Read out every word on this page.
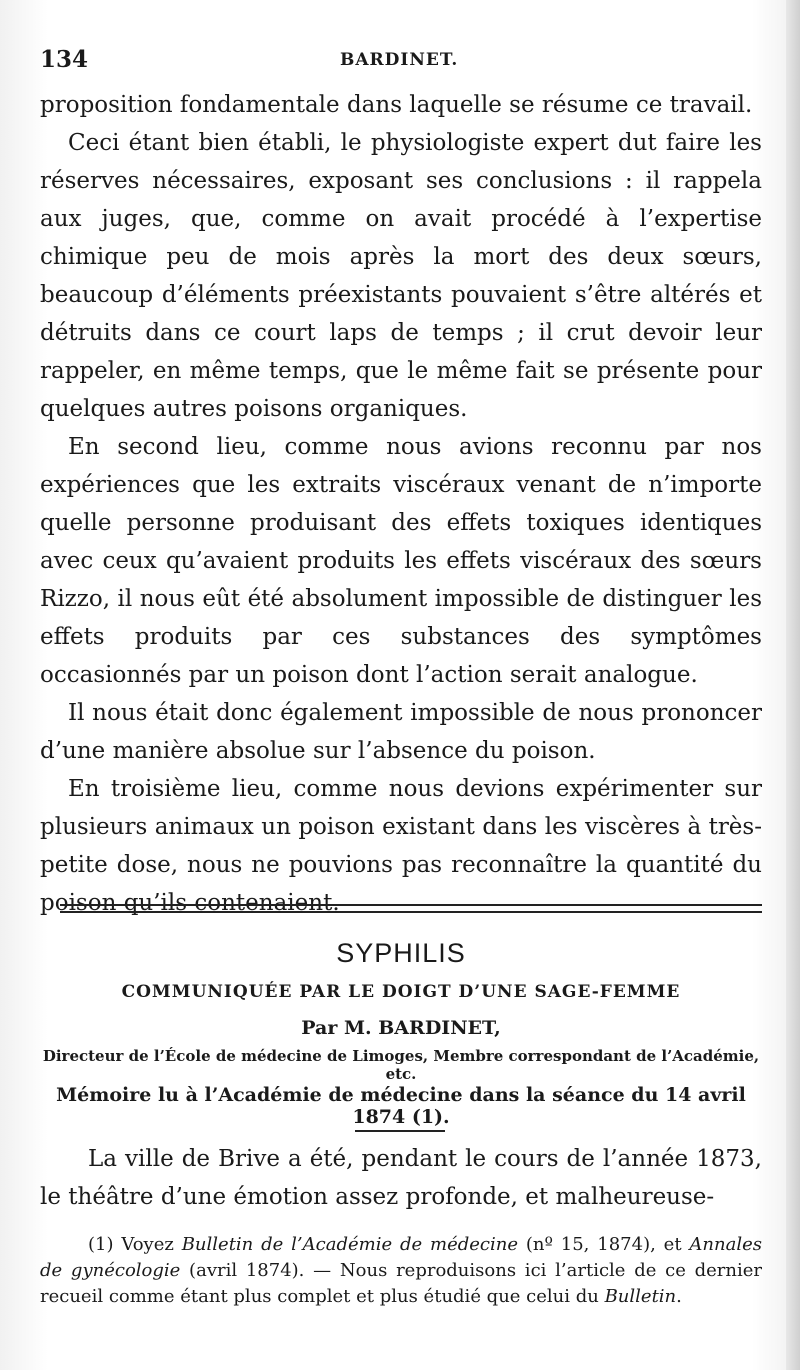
134	BARDINET.

proposition fondamentale dans laquelle se résume ce travail.

Ceci étant bien établi, le physiologiste expert dut faire les réserves nécessaires, exposant ses conclusions : il rappela aux juges, que, comme on avait procédé à l’expertise chimique peu de mois après la mort des deux sœurs, beaucoup d’éléments préexistants pouvaient s’être altérés et détruits dans ce court laps de temps ; il crut devoir leur rappeler, en même temps, que le même fait se présente pour quelques autres poisons organiques.

En second lieu, comme nous avions reconnu par nos expériences que les extraits viscéraux venant de n’importe quelle personne produisant des effets toxiques identiques avec ceux qu’avaient produits les effets viscéraux des sœurs Rizzo, il nous eût été absolument impossible de distinguer les effets produits par ces substances des symptômes occasionnés par un poison dont l’action serait analogue.

Il nous était donc également impossible de nous prononcer d’une manière absolue sur l’absence du poison.

En troisième lieu, comme nous devions expérimenter sur plusieurs animaux un poison existant dans les viscères à très-petite dose, nous ne pouvions pas reconnaître la quantité du poison qu’ils contenaient.

SYPHILIS
COMMUNIQUÉE PAR LE DOIGT D’UNE SAGE-FEMME
Par M. BARDINET,
Directeur de l’École de médecine de Limoges, Membre correspondant de l’Académie, etc.
Mémoire lu à l’Académie de médecine dans la séance du 14 avril 1874 (1).

La ville de Brive a été, pendant le cours de l’année 1873, le théâtre d’une émotion assez profonde, et malheureuse-

(1) Voyez Bulletin de l’Académie de médecine (nº 15, 1874), et Annales de gynécologie (avril 1874). — Nous reproduisons ici l’article de ce dernier recueil comme étant plus complet et plus étudié que celui du Bulletin.
